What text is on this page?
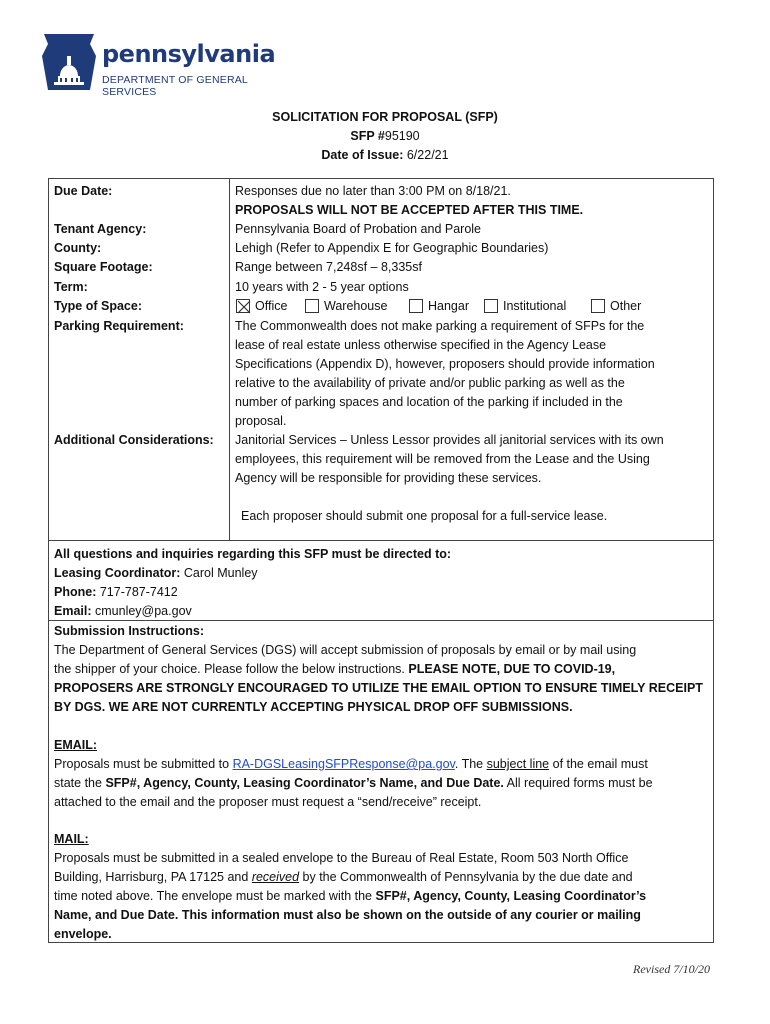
pennsylvania
DEPARTMENT OF GENERAL SERVICES
SOLICITATION FOR PROPOSAL (SFP)
SFP #95190
Date of Issue: 6/22/21
Due Date:	Responses due no later than 3:00 PM on 8/18/21.
PROPOSALS WILL NOT BE ACCEPTED AFTER THIS TIME.
Tenant Agency:	Pennsylvania Board of Probation and Parole
County:	Lehigh (Refer to Appendix E for Geographic Boundaries)
Square Footage:	Range between 7,248sf – 8,335sf
Term:	10 years with 2 - 5 year options
Type of Space:	Office	Warehouse	Hangar	Institutional	Other
Parking Requirement:	The Commonwealth does not make parking a requirement of SFPs for the
lease of real estate unless otherwise specified in the Agency Lease
Specifications (Appendix D), however, proposers should provide information
relative to the availability of private and/or public parking as well as the
number of parking spaces and location of the parking if included in the
proposal.
Additional Considerations: Janitorial Services – Unless Lessor provides all janitorial services with its own
employees, this requirement will be removed from the Lease and the Using
Agency will be responsible for providing these services.
Each proposer should submit one proposal for a full-service lease.
All questions and inquiries regarding this SFP must be directed to:
Leasing Coordinator: Carol Munley
Phone: 717-787-7412
Email: cmunley@pa.gov
Submission Instructions:
The Department of General Services (DGS) will accept submission of proposals by email or by mail using
the shipper of your choice. Please follow the below instructions. PLEASE NOTE, DUE TO COVID-19,
PROPOSERS ARE STRONGLY ENCOURAGED TO UTILIZE THE EMAIL OPTION TO ENSURE TIMELY RECEIPT
BY DGS. WE ARE NOT CURRENTLY ACCEPTING PHYSICAL DROP OFF SUBMISSIONS.
EMAIL:
Proposals must be submitted to RA-DGSLeasingSFPResponse@pa.gov. The subject line of the email must
state the SFP#, Agency, County, Leasing Coordinator’s Name, and Due Date. All required forms must be
attached to the email and the proposer must request a “send/receive” receipt.
MAIL:
Proposals must be submitted in a sealed envelope to the Bureau of Real Estate, Room 503 North Office
Building, Harrisburg, PA 17125 and received by the Commonwealth of Pennsylvania by the due date and
time noted above. The envelope must be marked with the SFP#, Agency, County, Leasing Coordinator’s
Name, and Due Date. This information must also be shown on the outside of any courier or mailing
envelope.
Revised 7/10/20
